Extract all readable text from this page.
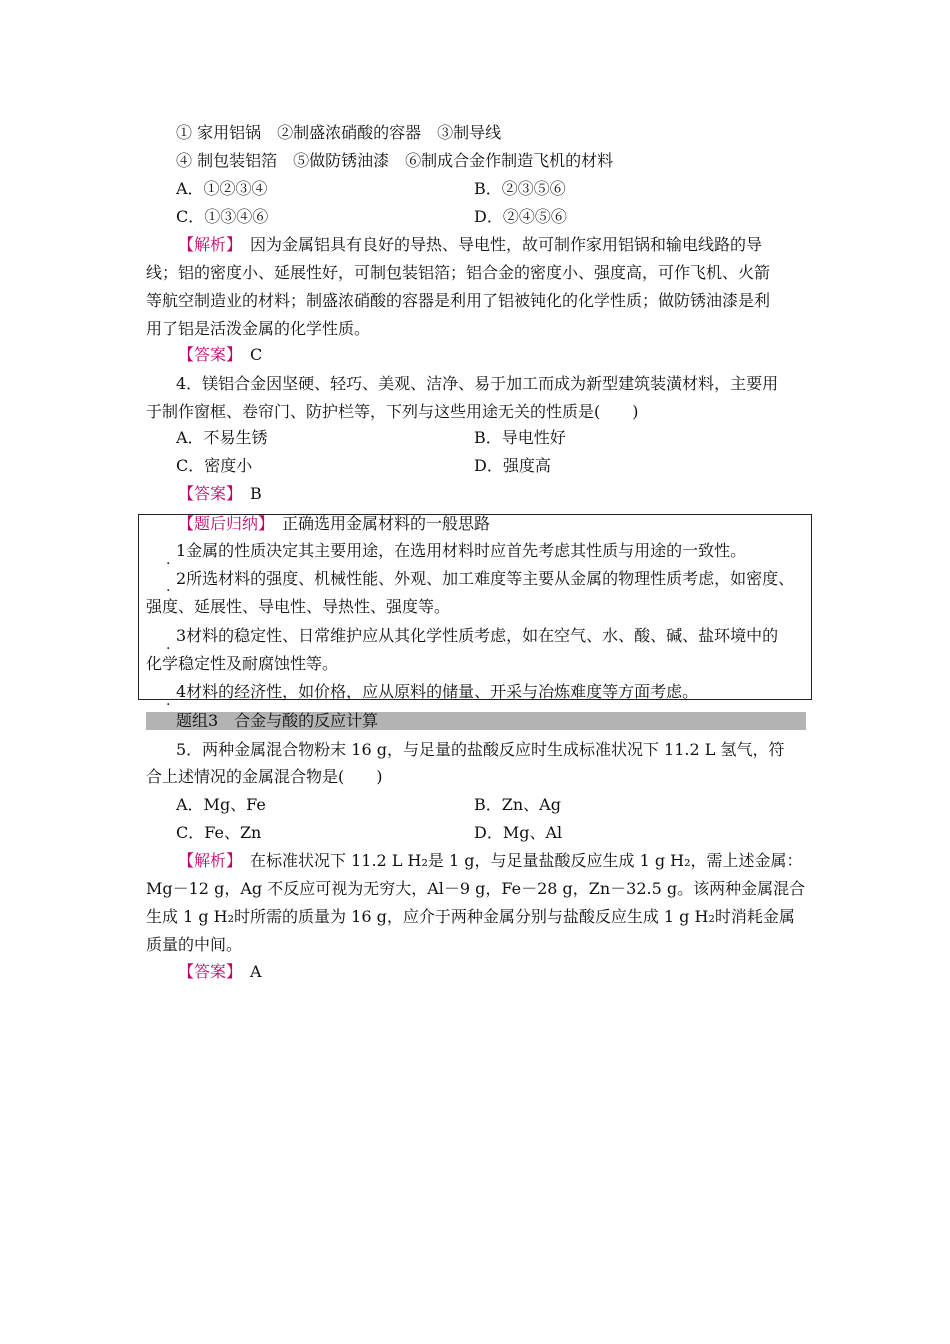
① 家用铝锅　②制盛浓硝酸的容器　③制导线
④ 制包装铝箔　⑤做防锈油漆　⑥制成合金作制造飞机的材料
A．①②③④	B．②③⑤⑥
C．①③④⑥	D．②④⑤⑥
【解析】　因为金属铝具有良好的导热、导电性，故可制作家用铝锅和输电线路的导
线；铝的密度小、延展性好，可制包装铝箔；铝合金的密度小、强度高，可作飞机、火箭
等航空制造业的材料；制盛浓硝酸的容器是利用了铝被钝化的化学性质；做防锈油漆是利
用了铝是活泼金属的化学性质。
【答案】　C
4．镁铝合金因坚硬、轻巧、美观、洁净、易于加工而成为新型建筑装潢材料，主要用
于制作窗框、卷帘门、防护栏等，下列与这些用途无关的性质是(　　)
A．不易生锈	B．导电性好
C．密度小	D．强度高
【答案】　B
【题后归纳】　正确选用金属材料的一般思路
. 1金属的性质决定其主要用途，在选用材料时应首先考虑其性质与用途的一致性。
. 2所选材料的强度、机械性能、外观、加工难度等主要从金属的物理性质考虑，如密度、
强度、延展性、导电性、导热性、强度等。
. 3材料的稳定性、日常维护应从其化学性质考虑，如在空气、水、酸、碱、盐环境中的
化学稳定性及耐腐蚀性等。
. 4材料的经济性，如价格，应从原料的储量、开采与冶炼难度等方面考虑。
题组3　合金与酸的反应计算
5．两种金属混合物粉末 16 g，与足量的盐酸反应时生成标准状况下 11.2 L 氢气，符
合上述情况的金属混合物是(　　)
A．Mg、Fe	B．Zn、Ag
C．Fe、Zn	D．Mg、Al
【解析】　在标准状况下 11.2 L H₂是 1 g，与足量盐酸反应生成 1 g H₂，需上述金属：
Mg－12 g，Ag 不反应可视为无穷大，Al－9 g，Fe－28 g，Zn－32.5 g。该两种金属混合
生成 1 g H₂时所需的质量为 16 g，应介于两种金属分别与盐酸反应生成 1 g H₂时消耗金属
质量的中间。
【答案】　A
